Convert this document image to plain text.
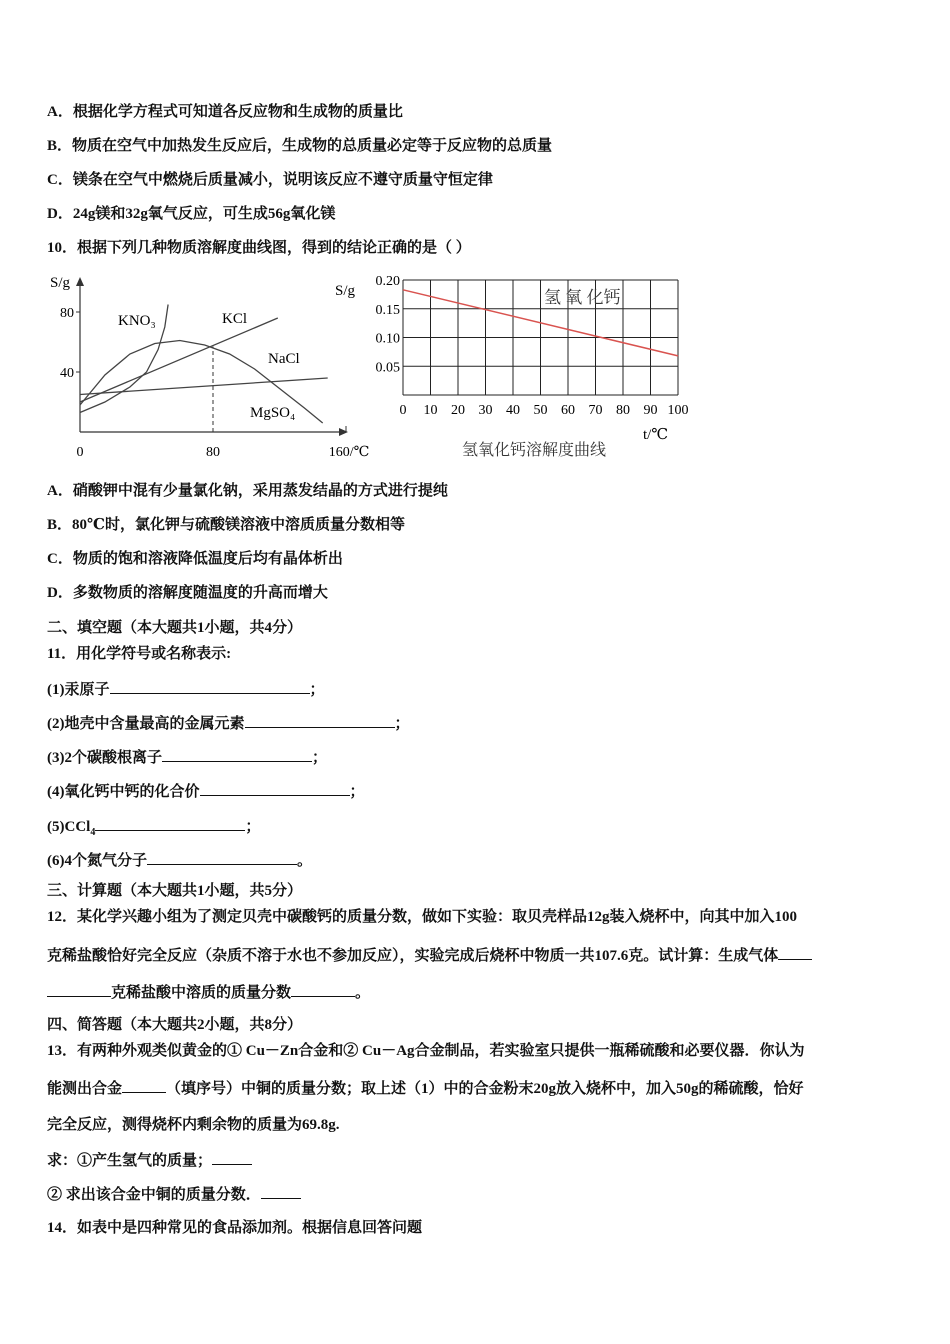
A．根据化学方程式可知道各反应物和生成物的质量比
B．物质在空气中加热发生反应后，生成物的总质量必定等于反应物的总质量
C．镁条在空气中燃烧后质量减小，说明该反应不遵守质量守恒定律
D．24g镁和32g氧气反应，可生成56g氧化镁
10．根据下列几种物质溶解度曲线图，得到的结论正确的是（ ）
S/g
80
40
0	80	160/℃
KNO₃	KCl
NaCl
MgSO₄
S/g
0.20
0.15
0.10
0.05
0 10 20 30 40 50 60 70 80 90 100
t/℃
氢氧化钙溶解度曲线
氢 氧 化钙
A．硝酸钾中混有少量氯化钠，采用蒸发结晶的方式进行提纯
B．80℃时，氯化钾与硫酸镁溶液中溶质质量分数相等
C．物质的饱和溶液降低温度后均有晶体析出
D．多数物质的溶解度随温度的升高而增大
二、填空题（本大题共1小题，共4分）
11．用化学符号或名称表示:
(1)汞原子	；
(2)地壳中含量最高的金属元素	；
(3)2个碳酸根离子	；
(4)氧化钙中钙的化合价	；
(5)CCl$_4$	；
(6)4个氮气分子	。
三、计算题（本大题共1小题，共5分）
12．某化学兴趣小组为了测定贝壳中碳酸钙的质量分数，做如下实验：取贝壳样品12g装入烧杯中，向其中加入100
克稀盐酸恰好完全反应（杂质不溶于水也不参加反应），实验完成后烧杯中物质一共107.6克。试计算：生成气体
克稀盐酸中溶质的质量分数	。
四、简答题（本大题共2小题，共8分）
13．有两种外观类似黄金的① Cu－Zn合金和② Cu－Ag合金制品，若实验室只提供一瓶稀硫酸和必要仪器．你认为
能测出合金	（填序号）中铜的质量分数；取上述（1）中的合金粉末20g放入烧杯中，加入50g的稀硫酸，恰好
完全反应，测得烧杯内剩余物的质量为69.8g.
求：①产生氢气的质量；
② 求出该合金中铜的质量分数．
14．如表中是四种常见的食品添加剂。根据信息回答问题
